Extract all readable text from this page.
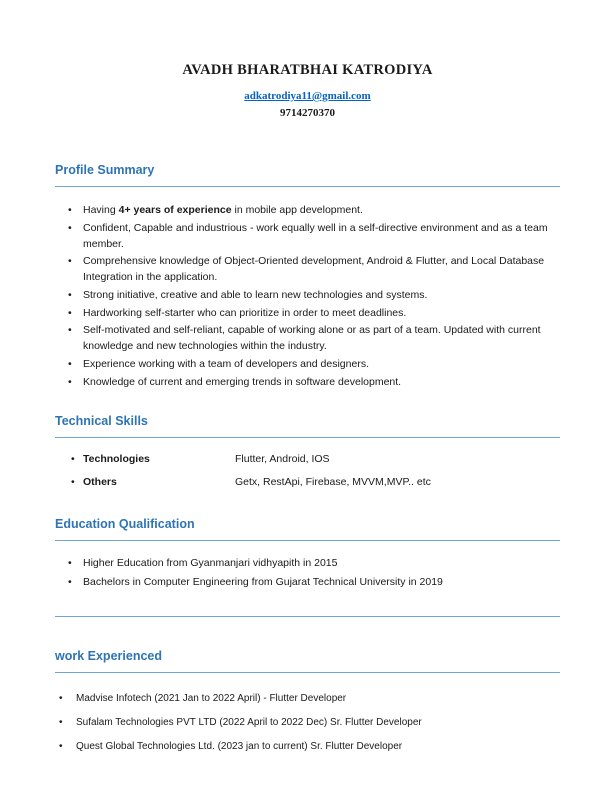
AVADH BHARATBHAI KATRODIYA
adkatrodiya11@gmail.com
9714270370
Profile Summary
• Having 4+ years of experience in mobile app development.
• Confident, Capable and industrious - work equally well in a self-directive environment and as a team member.
• Comprehensive knowledge of Object-Oriented development, Android & Flutter, and Local Database Integration in the application.
• Strong initiative, creative and able to learn new technologies and systems.
• Hardworking self-starter who can prioritize in order to meet deadlines.
• Self-motivated and self-reliant, capable of working alone or as part of a team. Updated with current knowledge and new technologies within the industry.
• Experience working with a team of developers and designers.
• Knowledge of current and emerging trends in software development.
Technical Skills
• Technologies	Flutter, Android, IOS
• Others	Getx, RestApi, Firebase, MVVM,MVP.. etc
Education Qualification
• Higher Education from Gyanmanjari vidhyapith in 2015
• Bachelors in Computer Engineering from Gujarat Technical University in 2019
work Experienced
• Madvise Infotech (2021 Jan to 2022 April) - Flutter Developer
• Sufalam Technologies PVT LTD (2022 April to 2022 Dec) Sr. Flutter Developer
• Quest Global Technologies Ltd. (2023 jan to current) Sr. Flutter Developer
